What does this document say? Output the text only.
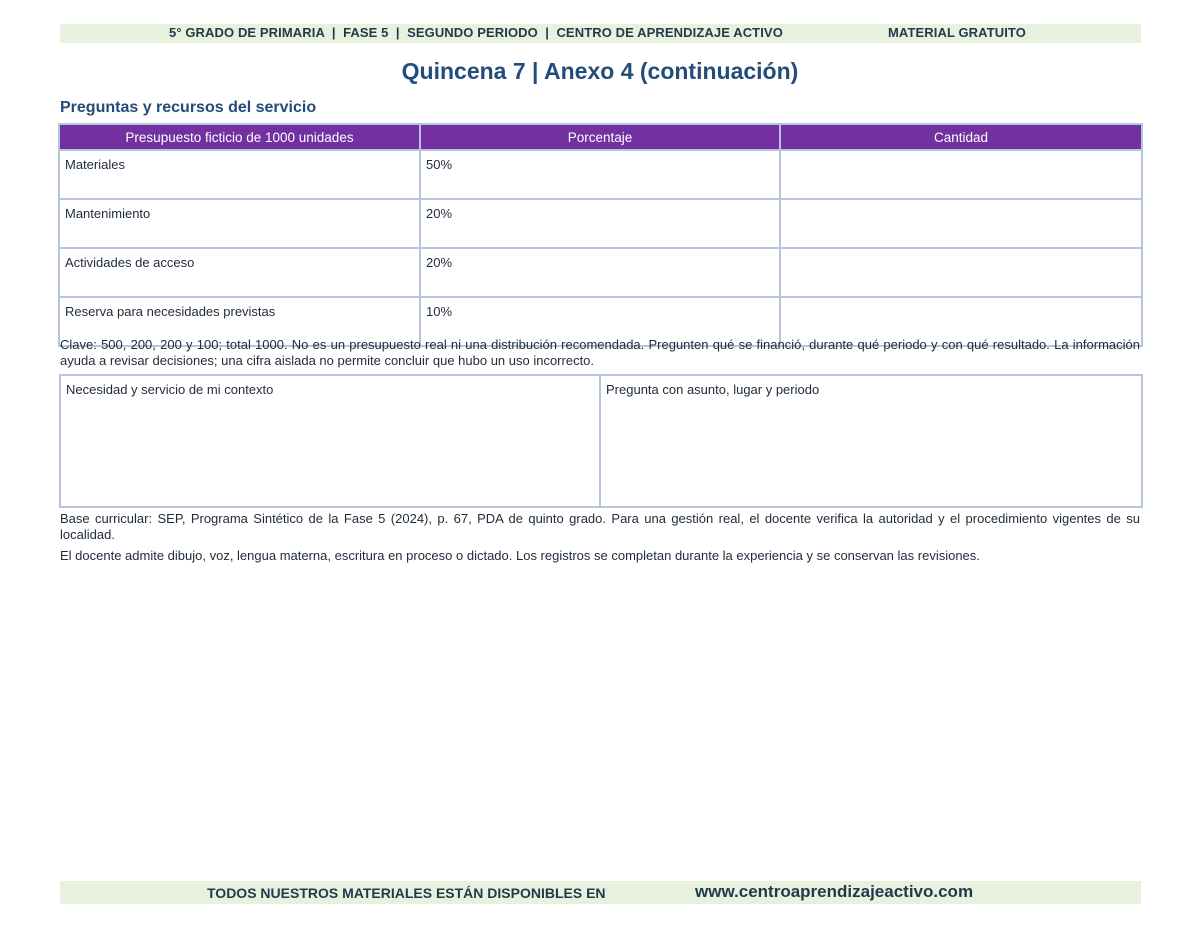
5° GRADO DE PRIMARIA  |  FASE 5  |  SEGUNDO PERIODO  |  CENTRO DE APRENDIZAJE ACTIVO	MATERIAL GRATUITO
Quincena 7 | Anexo 4 (continuación)
Preguntas y recursos del servicio
Presupuesto ficticio de 1000 unidades	Porcentaje	Cantidad
Materiales	50%	
Mantenimiento	20%	
Actividades de acceso	20%	
Reserva para necesidades previstas	10%	
Clave: 500, 200, 200 y 100; total 1000. No es un presupuesto real ni una distribución recomendada. Pregunten qué se financió, durante qué periodo y con qué resultado. La información ayuda a revisar decisiones; una cifra aislada no permite concluir que hubo un uso incorrecto.
Necesidad y servicio de mi contexto	Pregunta con asunto, lugar y periodo
Base curricular: SEP, Programa Sintético de la Fase 5 (2024), p. 67, PDA de quinto grado. Para una gestión real, el docente verifica la autoridad y el procedimiento vigentes de su localidad.
El docente admite dibujo, voz, lengua materna, escritura en proceso o dictado. Los registros se completan durante la experiencia y se conservan las revisiones.
TODOS NUESTROS MATERIALES ESTÁN DISPONIBLES EN	www.centroaprendizajeactivo.com
